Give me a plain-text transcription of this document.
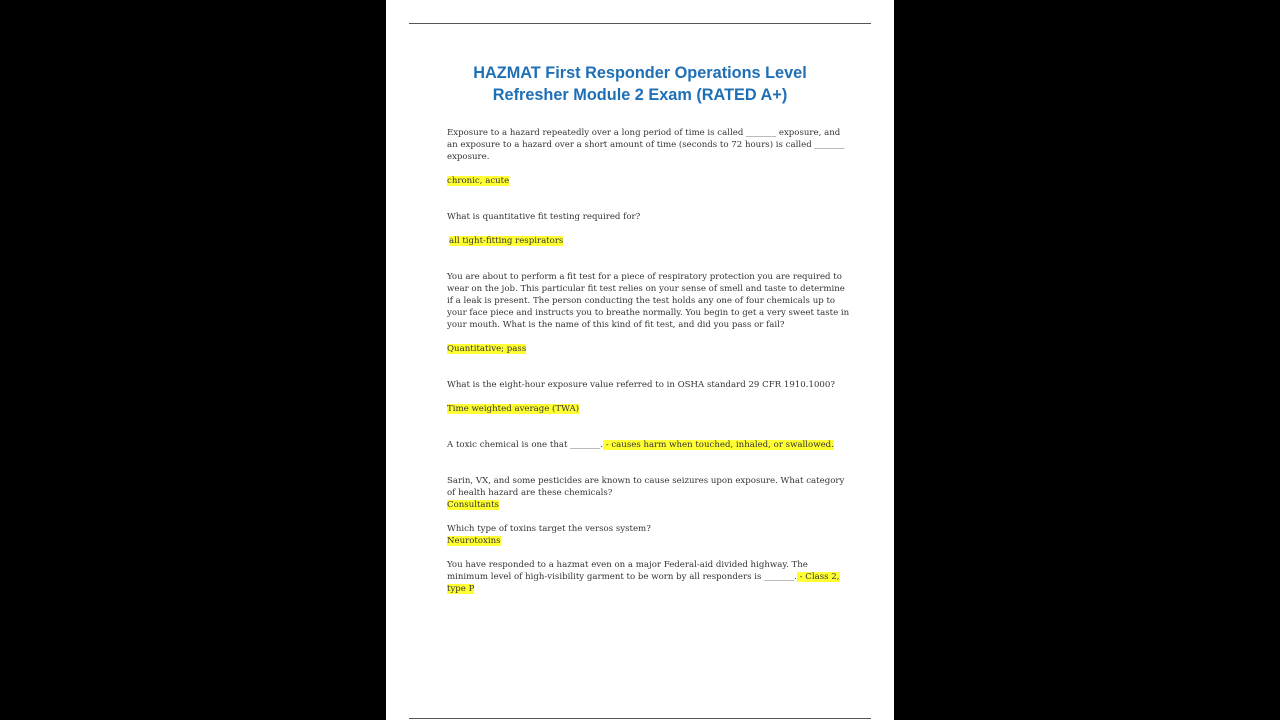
HAZMAT First Responder Operations Level
Refresher Module 2 Exam (RATED A+)

Exposure to a hazard repeatedly over a long period of time is called _______ exposure, and an exposure to a hazard over a short amount of time (seconds to 72 hours) is called _______ exposure.

chronic, acute

What is quantitative fit testing required for?

all tight-fitting respirators

You are about to perform a fit test for a piece of respiratory protection you are required to wear on the job. This particular fit test relies on your sense of smell and taste to determine if a leak is present. The person conducting the test holds any one of four chemicals up to your face piece and instructs you to breathe normally. You begin to get a very sweet taste in your mouth. What is the name of this kind of fit test, and did you pass or fail?

Quantitative; pass

What is the eight-hour exposure value referred to in OSHA standard 29 CFR 1910.1000?

Time weighted average (TWA)

A toxic chemical is one that _______. - causes harm when touched, inhaled, or swallowed.

Sarin, VX, and some pesticides are known to cause seizures upon exposure. What category of health hazard are these chemicals?

Consultants

Which type of toxins target the versos system?

Neurotoxins

You have responded to a hazmat even on a major Federal-aid divided highway. The minimum level of high-visibility garment to be worn by all responders is _______. - Class 2, type P
